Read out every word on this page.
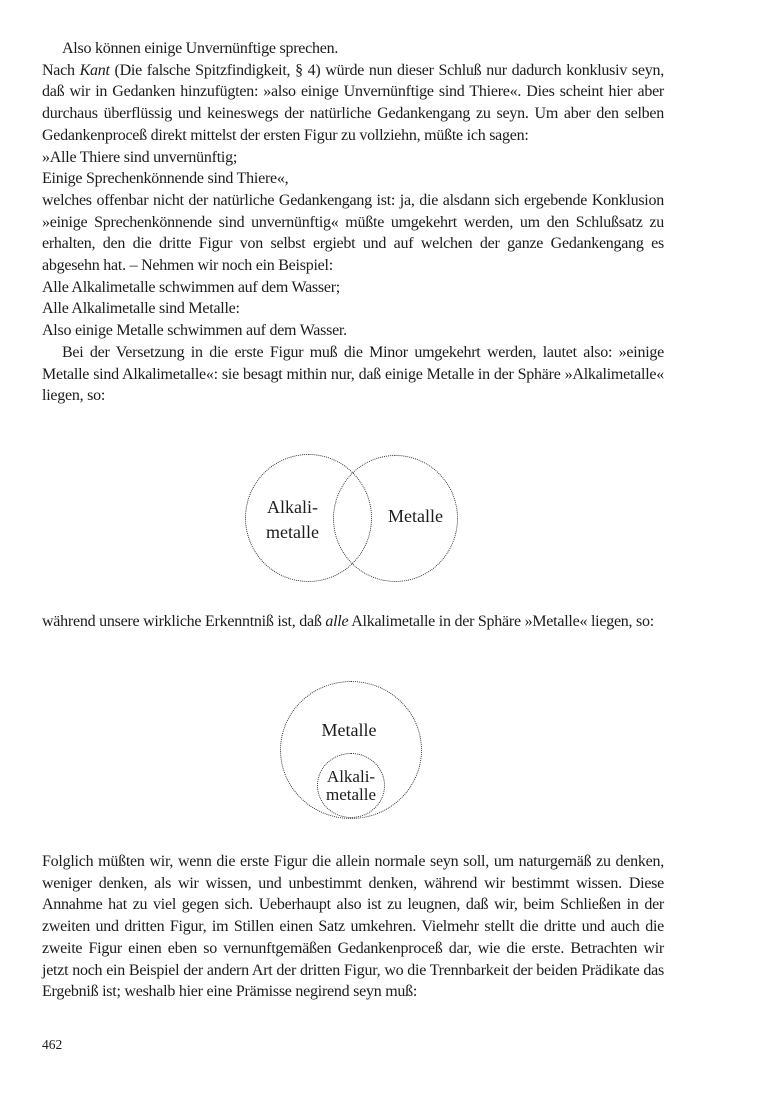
Also können einige Unvernünftige sprechen.

Nach Kant (Die falsche Spitzfindigkeit, § 4) würde nun dieser Schluß nur dadurch konklusiv seyn, daß wir in Gedanken hinzufügten: »also einige Unvernünftige sind Thiere«. Dies scheint hier aber durchaus überflüssig und keineswegs der natürliche Gedankengang zu seyn. Um aber den selben Gedankenproceß direkt mittelst der ersten Figur zu vollziehn, müßte ich sagen:

»Alle Thiere sind unvernünftig;

Einige Sprechenkönnende sind Thiere«,

welches offenbar nicht der natürliche Gedankengang ist: ja, die alsdann sich ergebende Konklusion »einige Sprechenkönnende sind unvernünftig« müßte umgekehrt werden, um den Schlußsatz zu erhalten, den die dritte Figur von selbst ergiebt und auf welchen der ganze Gedankengang es abgesehn hat. – Nehmen wir noch ein Beispiel:

Alle Alkalimetalle schwimmen auf dem Wasser;

Alle Alkalimetalle sind Metalle:

Also einige Metalle schwimmen auf dem Wasser.

Bei der Versetzung in die erste Figur muß die Minor umgekehrt werden, lautet also: »einige Metalle sind Alkalimetalle«: sie besagt mithin nur, daß einige Metalle in der Sphäre »Alkalimetalle« liegen, so:

Alkali-
metalle
Metalle

während unsere wirkliche Erkenntniß ist, daß alle Alkalimetalle in der Sphäre »Metalle« liegen, so:

Metalle
Alkali-
metalle

Folglich müßten wir, wenn die erste Figur die allein normale seyn soll, um naturgemäß zu denken, weniger denken, als wir wissen, und unbestimmt denken, während wir bestimmt wissen. Diese Annahme hat zu viel gegen sich. Ueberhaupt also ist zu leugnen, daß wir, beim Schließen in der zweiten und dritten Figur, im Stillen einen Satz umkehren. Vielmehr stellt die dritte und auch die zweite Figur einen eben so vernunftgemäßen Gedankenproceß dar, wie die erste. Betrachten wir jetzt noch ein Beispiel der andern Art der dritten Figur, wo die Trennbarkeit der beiden Prädikate das Ergebniß ist; weshalb hier eine Prämisse negirend seyn muß:

462
